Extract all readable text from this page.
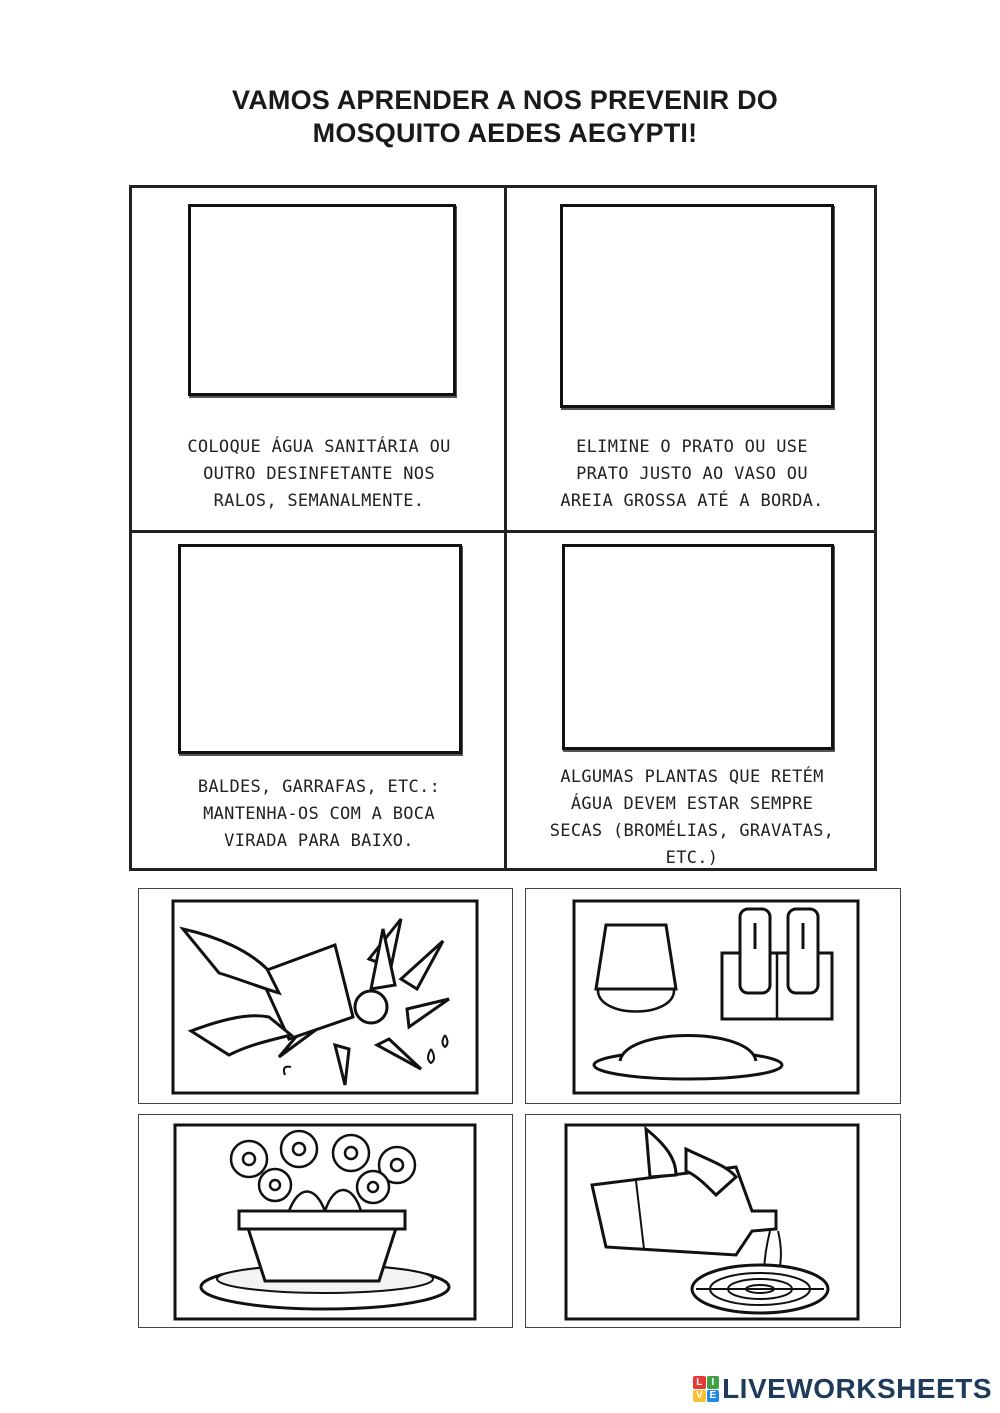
VAMOS APRENDER A NOS PREVENIR DO
MOSQUITO AEDES AEGYPTI!
COLOQUE ÁGUA SANITÁRIA OU
OUTRO DESINFETANTE NOS
RALOS, SEMANALMENTE.
ELIMINE O PRATO OU USE
PRATO JUSTO AO VASO OU
AREIA GROSSA ATÉ A BORDA.
BALDES, GARRAFAS, ETC.:
MANTENHA-OS COM A BOCA
VIRADA PARA BAIXO.
ALGUMAS PLANTAS QUE RETÉM
ÁGUA DEVEM ESTAR SEMPRE
SECAS (BROMÉLIAS, GRAVATAS,
ETC.)
L I
V E LIVEWORKSHEETS
